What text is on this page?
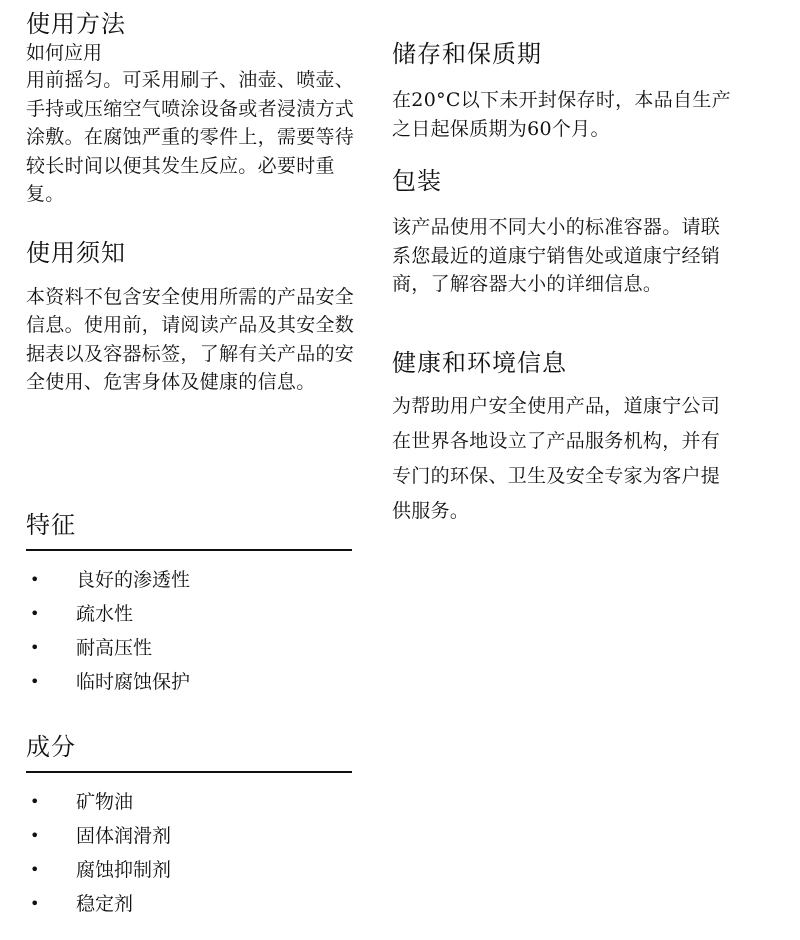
使用方法
如何应用

用前摇匀。可采用刷子、油壶、喷壶、手持或压缩空气喷涂设备或者浸渍方式涂敷。在腐蚀严重的零件上，需要等待较长时间以便其发生反应。必要时重复。

使用须知

本资料不包含安全使用所需的产品安全信息。使用前，请阅读产品及其安全数据表以及容器标签，了解有关产品的安全使用、危害身体及健康的信息。

特征
• 良好的渗透性
• 疏水性
• 耐高压性
• 临时腐蚀保护
成分
• 矿物油
• 固体润滑剂
• 腐蚀抑制剂
• 稳定剂
储存和保质期

在20°C以下未开封保存时，本品自生产之日起保质期为60个月。

包装

该产品使用不同大小的标准容器。请联系您最近的道康宁销售处或道康宁经销商，了解容器大小的详细信息。

健康和环境信息

为帮助用户安全使用产品，道康宁公司在世界各地设立了产品服务机构，并有专门的环保、卫生及安全专家为客户提供服务。
